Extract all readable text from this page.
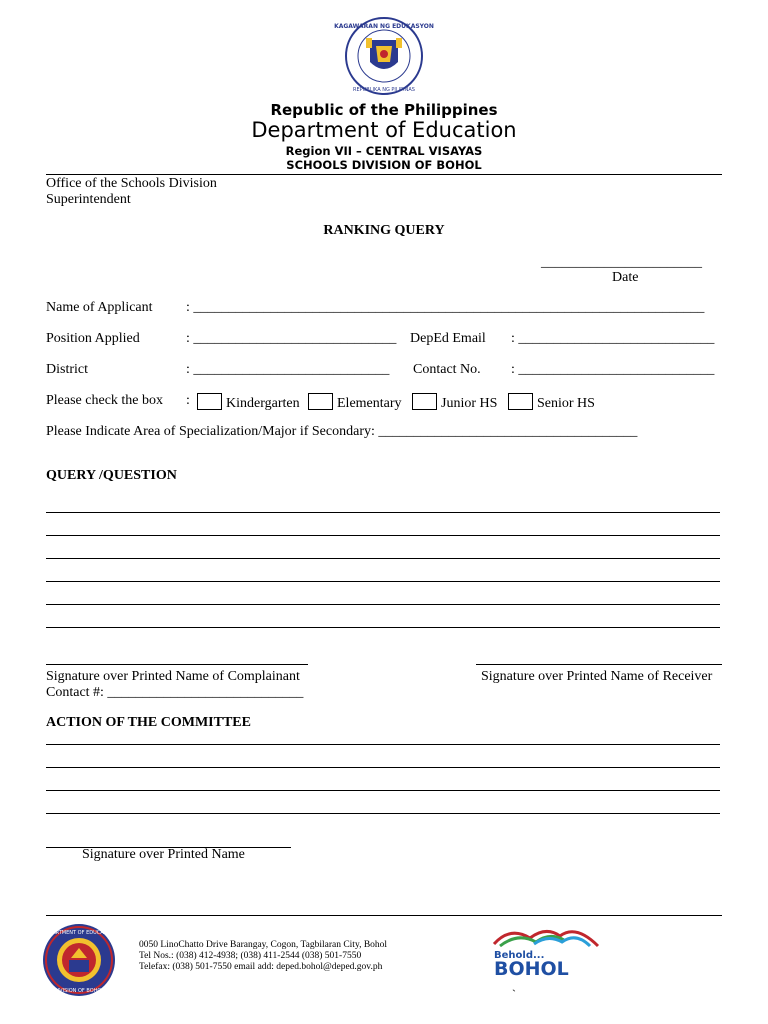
KAGAWARAN NG EDUKASYON
REPUBLIKA NG PILIPINAS
Republic of the Philippines
Department of Education
Region VII – CENTRAL VISAYAS
SCHOOLS DIVISION OF BOHOL
Office of the Schools Division
Superintendent
RANKING QUERY
_______________________
Date
Name of Applicant : _________________________________________________________________________
Position Applied	: _____________________________ DepEd Email : ____________________________
District	: ____________________________ Contact No. : ____________________________
Please check the box :	Kindergarten	Elementary	Junior HS	Senior HS
Please Indicate Area of Specialization/Major if Secondary: _____________________________________
QUERY /QUESTION
Signature over Printed Name of Complainant
Contact #: ____________________________
Signature over Printed Name of Receiver
ACTION OF THE COMMITTEE
Signature over Printed Name
DEPARTMENT OF EDUCATION
DIVISION OF BOHOL
0050 LinoChatto Drive Barangay, Cogon, Tagbilaran City, Bohol
Tel Nos.: (038) 412-4938; (038) 411-2544 (038) 501-7550
Telefax: (038) 501-7550 email add: deped.bohol@deped.gov.ph
Behold...
BOHOL
`
